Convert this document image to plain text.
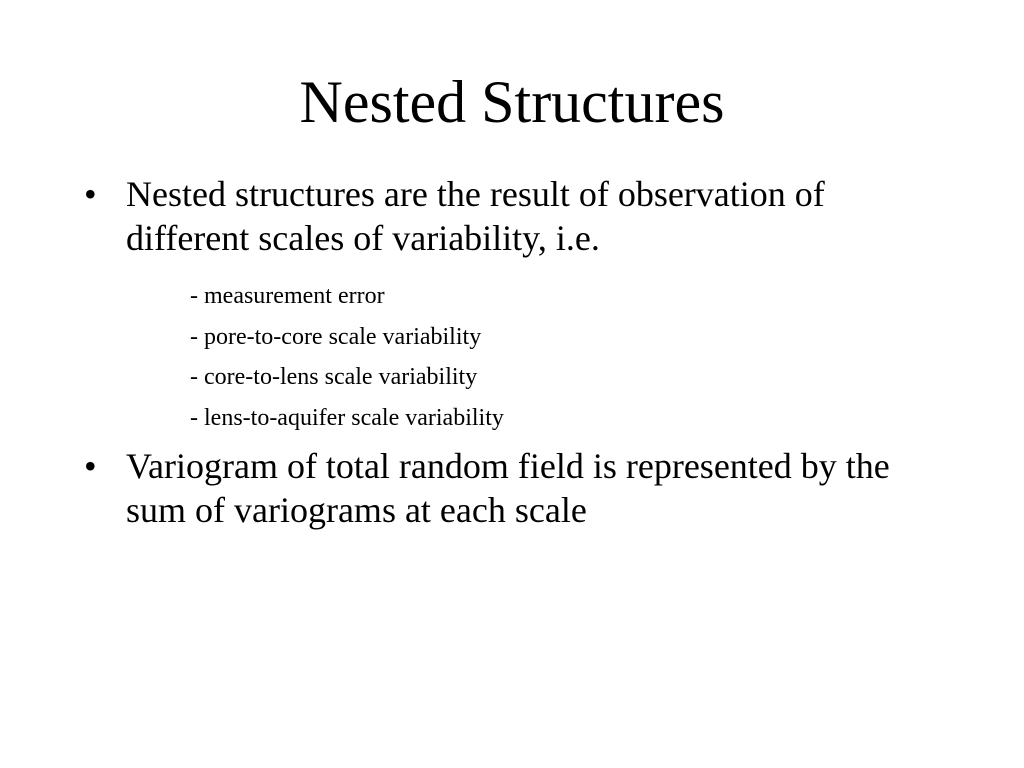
Nested Structures
• Nested structures are the result of observation of different scales of variability, i.e.

- measurement error
- pore-to-core scale variability
- core-to-lens scale variability
- lens-to-aquifer scale variability
• Variogram of total random field is represented by the sum of variograms at each scale
